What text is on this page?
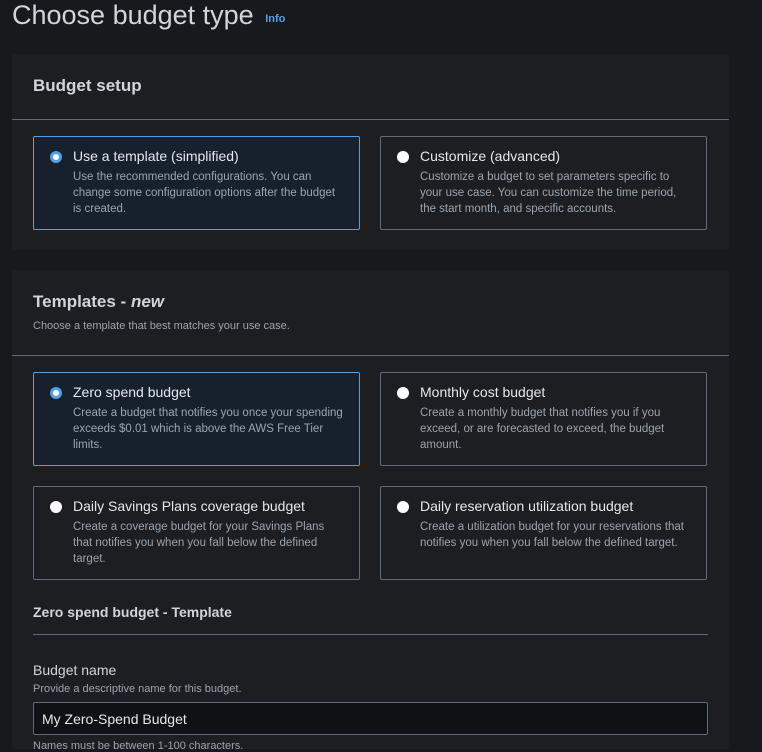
Choose budget type Info
Budget setup
Use a template (simplified)
Use the recommended configurations. You can change some configuration options after the budget is created.
Customize (advanced)
Customize a budget to set parameters specific to your use case. You can customize the time period, the start month, and specific accounts.
Templates - new
Choose a template that best matches your use case.
Zero spend budget
Create a budget that notifies you once your spending exceeds $0.01 which is above the AWS Free Tier limits.
Monthly cost budget
Create a monthly budget that notifies you if you exceed, or are forecasted to exceed, the budget amount.
Daily Savings Plans coverage budget
Create a coverage budget for your Savings Plans that notifies you when you fall below the defined target.
Daily reservation utilization budget
Create a utilization budget for your reservations that notifies you when you fall below the defined target.
Zero spend budget - Template
Budget name
Provide a descriptive name for this budget.
My Zero-Spend Budget
Names must be between 1-100 characters.
